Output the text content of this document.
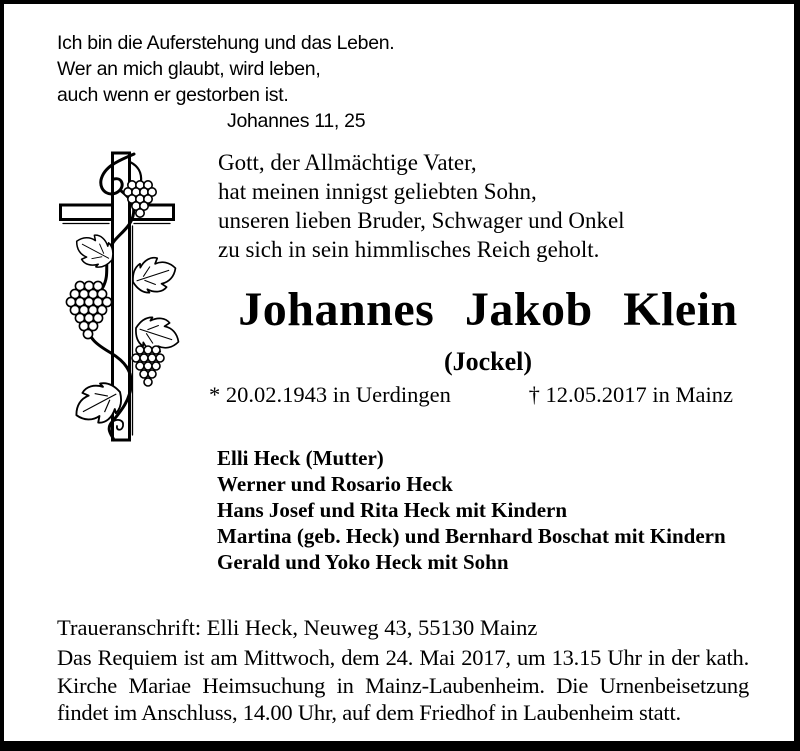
Ich bin die Auferstehung und das Leben.
Wer an mich glaubt, wird leben,
auch wenn er gestorben ist.
Johannes 11, 25
Gott, der Allmächtige Vater,
hat meinen innigst geliebten Sohn,
unseren lieben Bruder, Schwager und Onkel
zu sich in sein himmlisches Reich geholt.
Johannes Jakob Klein
(Jockel)
* 20.02.1943 in Uerdingen	† 12.05.2017 in Mainz
Elli Heck (Mutter)
Werner und Rosario Heck
Hans Josef und Rita Heck mit Kindern
Martina (geb. Heck) und Bernhard Boschat mit Kindern
Gerald und Yoko Heck mit Sohn
Traueranschrift: Elli Heck, Neuweg 43, 55130 Mainz
Das Requiem ist am Mittwoch, dem 24. Mai 2017, um 13.15 Uhr in der kath. Kirche Mariae Heimsuchung in Mainz-Laubenheim. Die Urnenbeisetzung findet im Anschluss, 14.00 Uhr, auf dem Friedhof in Laubenheim statt.
